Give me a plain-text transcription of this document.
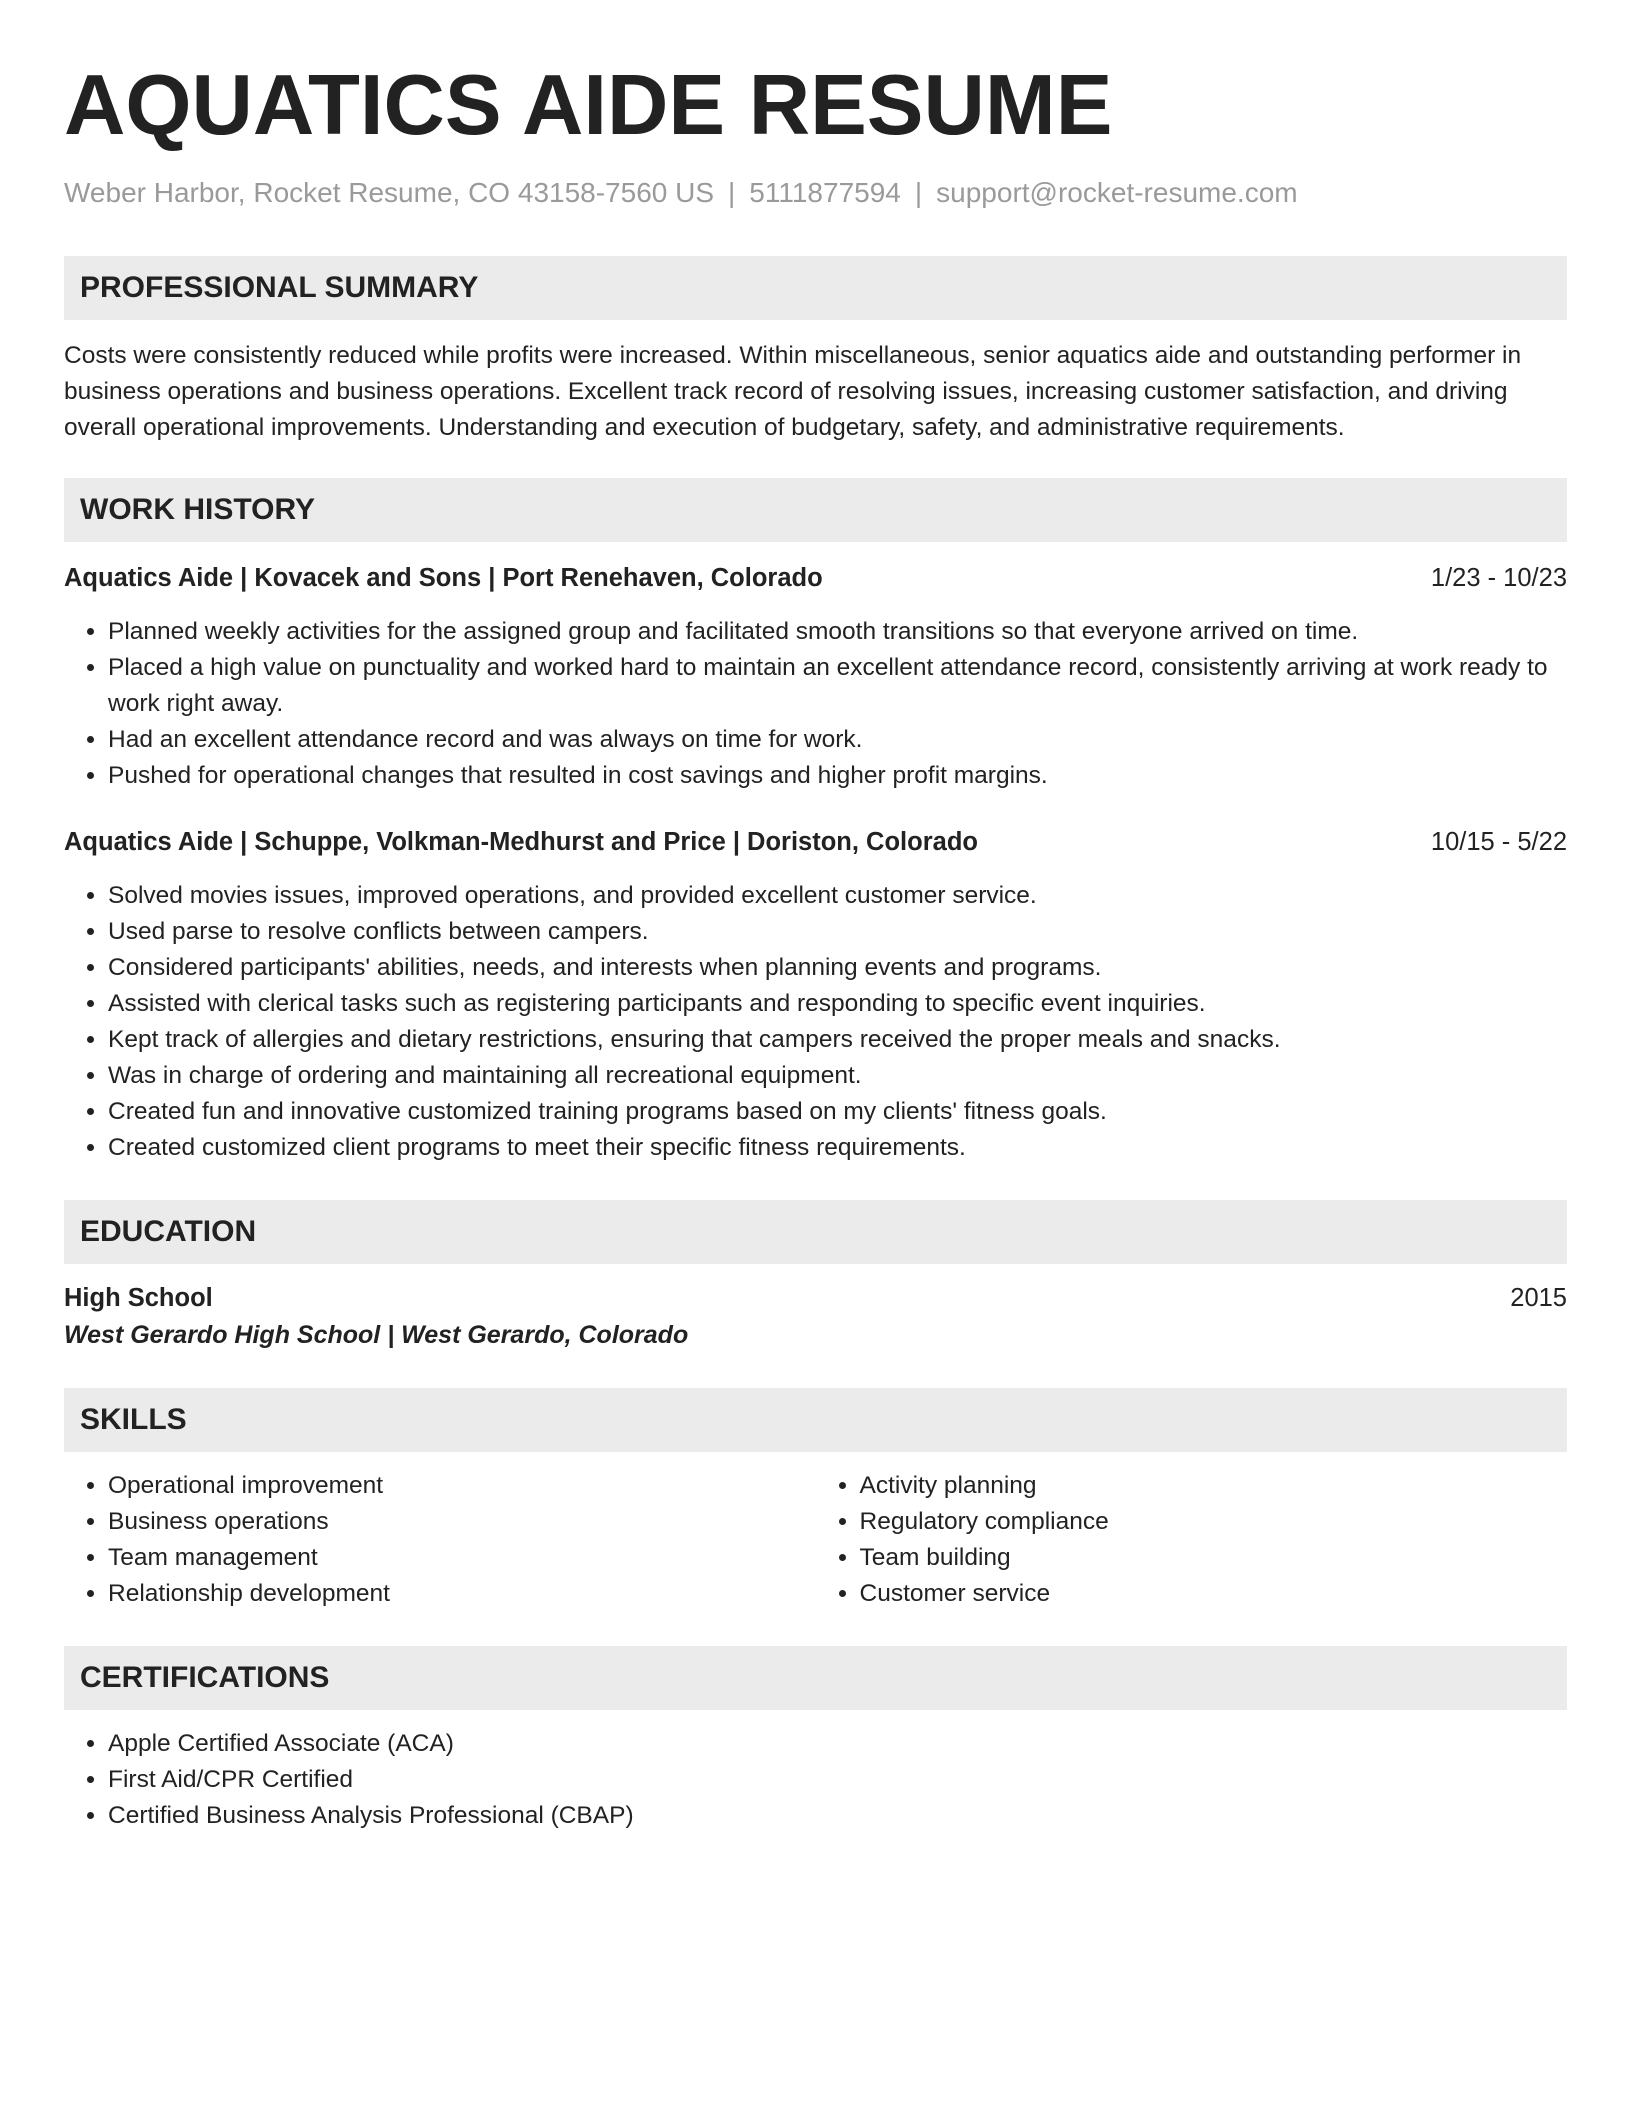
AQUATICS AIDE RESUME
Weber Harbor, Rocket Resume, CO 43158-7560 US | 5111877594 | support@rocket-resume.com
PROFESSIONAL SUMMARY

Costs were consistently reduced while profits were increased. Within miscellaneous, senior aquatics aide and outstanding performer in business operations and business operations. Excellent track record of resolving issues, increasing customer satisfaction, and driving overall operational improvements. Understanding and execution of budgetary, safety, and administrative requirements.

WORK HISTORY
Aquatics Aide | Kovacek and Sons | Port Renehaven, Colorado	1/23 - 10/23
• Planned weekly activities for the assigned group and facilitated smooth transitions so that everyone arrived on time.
• Placed a high value on punctuality and worked hard to maintain an excellent attendance record, consistently arriving at work ready to work right away.
• Had an excellent attendance record and was always on time for work.
• Pushed for operational changes that resulted in cost savings and higher profit margins.
Aquatics Aide | Schuppe, Volkman-Medhurst and Price | Doriston, Colorado	10/15 - 5/22
• Solved movies issues, improved operations, and provided excellent customer service.
• Used parse to resolve conflicts between campers.
• Considered participants' abilities, needs, and interests when planning events and programs.
• Assisted with clerical tasks such as registering participants and responding to specific event inquiries.
• Kept track of allergies and dietary restrictions, ensuring that campers received the proper meals and snacks.
• Was in charge of ordering and maintaining all recreational equipment.
• Created fun and innovative customized training programs based on my clients' fitness goals.
• Created customized client programs to meet their specific fitness requirements.
EDUCATION
High School	2015
West Gerardo High School | West Gerardo, Colorado
SKILLS
• Operational improvement
• Business operations
• Team management
• Relationship development
• Activity planning
• Regulatory compliance
• Team building
• Customer service
CERTIFICATIONS
• Apple Certified Associate (ACA)
• First Aid/CPR Certified
• Certified Business Analysis Professional (CBAP)
